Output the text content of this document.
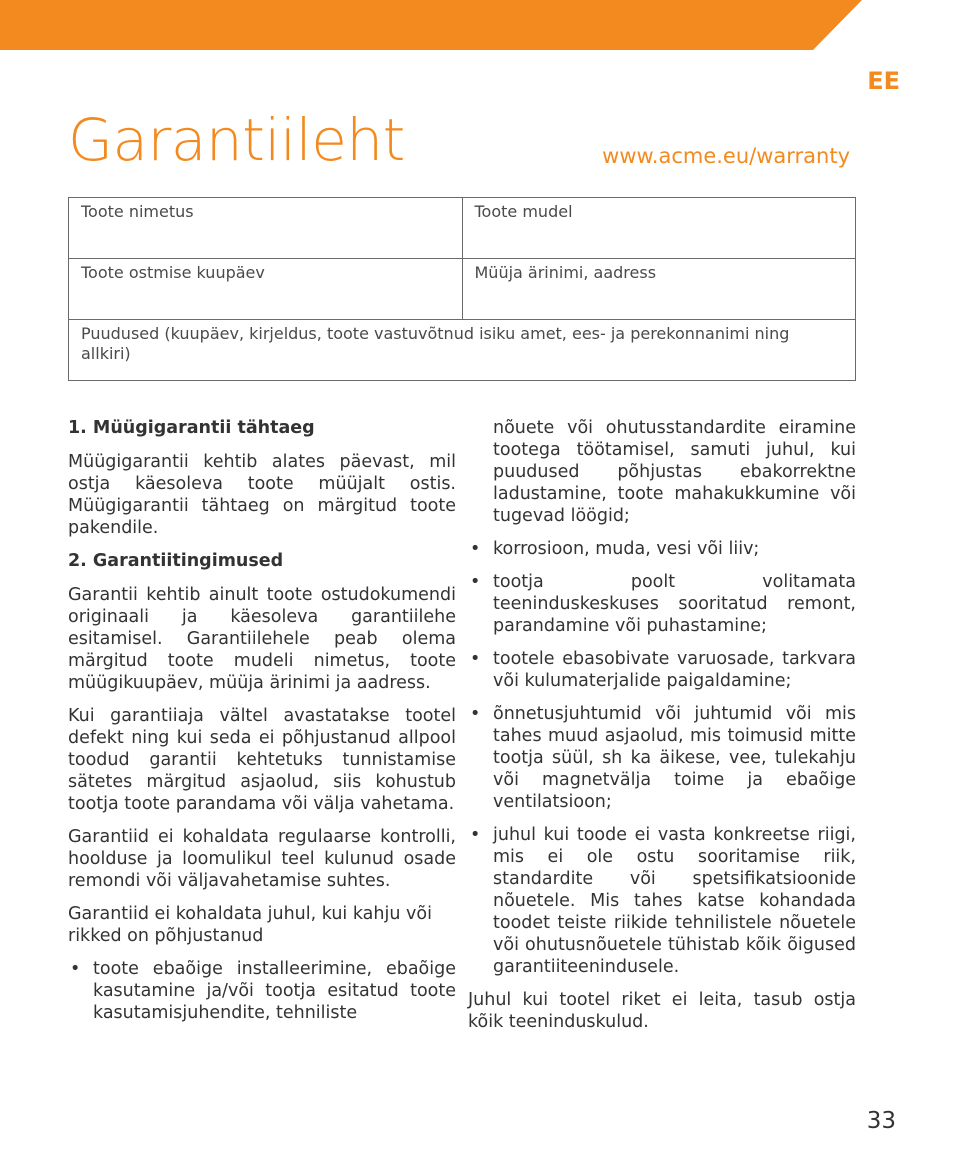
EE
Garantiileht	www.acme.eu/warranty
Toote nimetus	Toote mudel
Toote ostmise kuupäev	Müüja ärinimi, aadress
Puudused (kuupäev, kirjeldus, toote vastuvõtnud isiku amet, ees- ja perekonnanimi ning allkiri)	
1. Müügigarantii tähtaeg

Müügigarantii kehtib alates päevast, mil ostja käesoleva toote müüjalt ostis. Müügigarantii tähtaeg on märgitud toote pakendile.

2. Garantiitingimused

Garantii kehtib ainult toote ostudokumendi originaali ja käesoleva garantiilehe esitamisel. Garantiilehele peab olema märgitud toote mudeli nimetus, toote müügikuupäev, müüja ärinimi ja aadress.

Kui garantiiaja vältel avastatakse tootel defekt ning kui seda ei põhjustanud allpool toodud garantii kehtetuks tunnistamise sätetes märgitud asjaolud, siis kohustub tootja toote parandama või välja vahetama.

Garantiid ei kohaldata regulaarse kontrolli, hoolduse ja loomulikul teel kulunud osade remondi või väljavahetamise suhtes.

Garantiid ei kohaldata juhul, kui kahju või rikked on põhjustanud

• toote ebaõige installeerimine, ebaõige kasutamine ja/või tootja esitatud toote kasutamisjuhendite, tehniliste
nõuete või ohutusstandardite eiramine tootega töötamisel, samuti juhul, kui puudused põhjustas ebakorrektne ladustamine, toote mahakukkumine või tugevad löögid;
• korrosioon, muda, vesi või liiv;
• tootja poolt volitamata teeninduskeskuses sooritatud remont, parandamine või puhastamine;
• tootele ebasobivate varuosade, tarkvara või kulumaterjalide paigaldamine;
• õnnetusjuhtumid või juhtumid või mis tahes muud asjaolud, mis toimusid mitte tootja süül, sh ka äikese, vee, tulekahju või magnetvälja toime ja ebaõige ventilatsioon;
• juhul kui toode ei vasta konkreetse riigi, mis ei ole ostu sooritamise riik, standardite või spetsifikatsioonide nõuetele. Mis tahes katse kohandada toodet teiste riikide tehnilistele nõuetele või ohutusnõuetele tühistab kõik õigused garantiiteenindusele.

Juhul kui tootel riket ei leita, tasub ostja kõik teeninduskulud.

33
